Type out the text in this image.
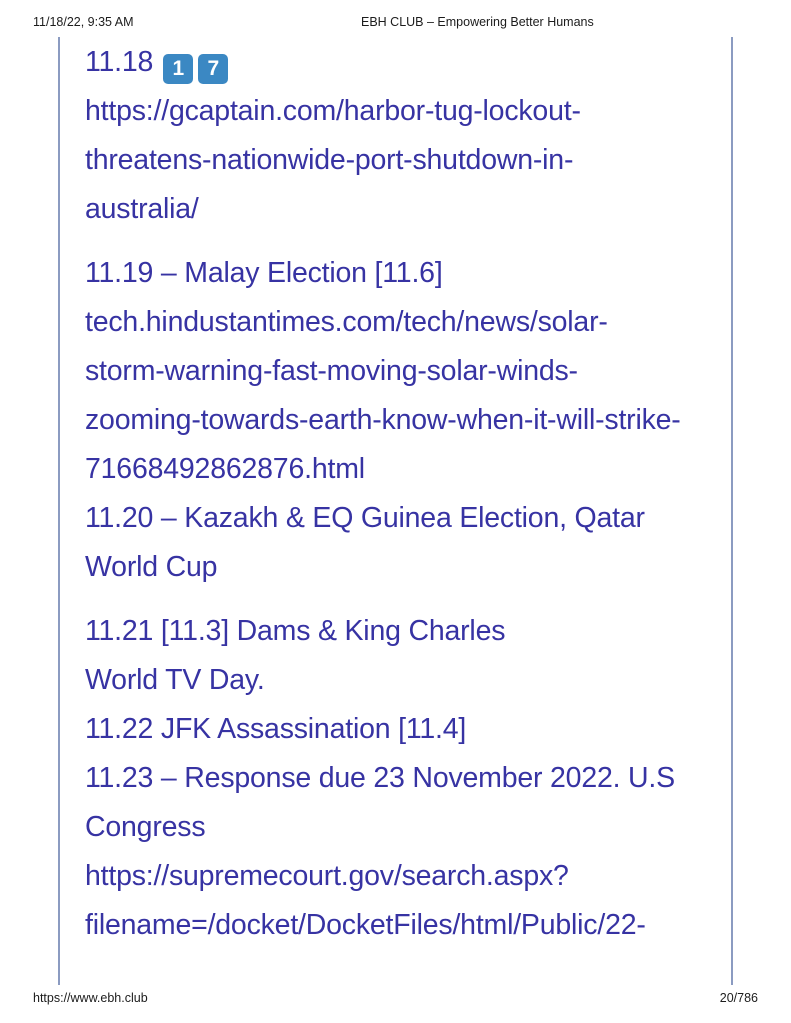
11/18/22, 9:35 AM	EBH CLUB – Empowering Better Humans
11.18 1 7
https://gcaptain.com/harbor-tug-lockout-
threatens-nationwide-port-shutdown-in-
australia/
11.19 – Malay Election [11.6]
tech.hindustantimes.com/tech/news/solar-
storm-warning-fast-moving-solar-winds-
zooming-towards-earth-know-when-it-will-strike-
71668492862876.html
11.20 – Kazakh & EQ Guinea Election, Qatar
World Cup
11.21 [11.3] Dams & King Charles
World TV Day.
11.22 JFK Assassination [11.4]
11.23 – Response due 23 November 2022. U.S
Congress
https://supremecourt.gov/search.aspx?
filename=/docket/DocketFiles/html/Public/22-
https://www.ebh.club	20/786
